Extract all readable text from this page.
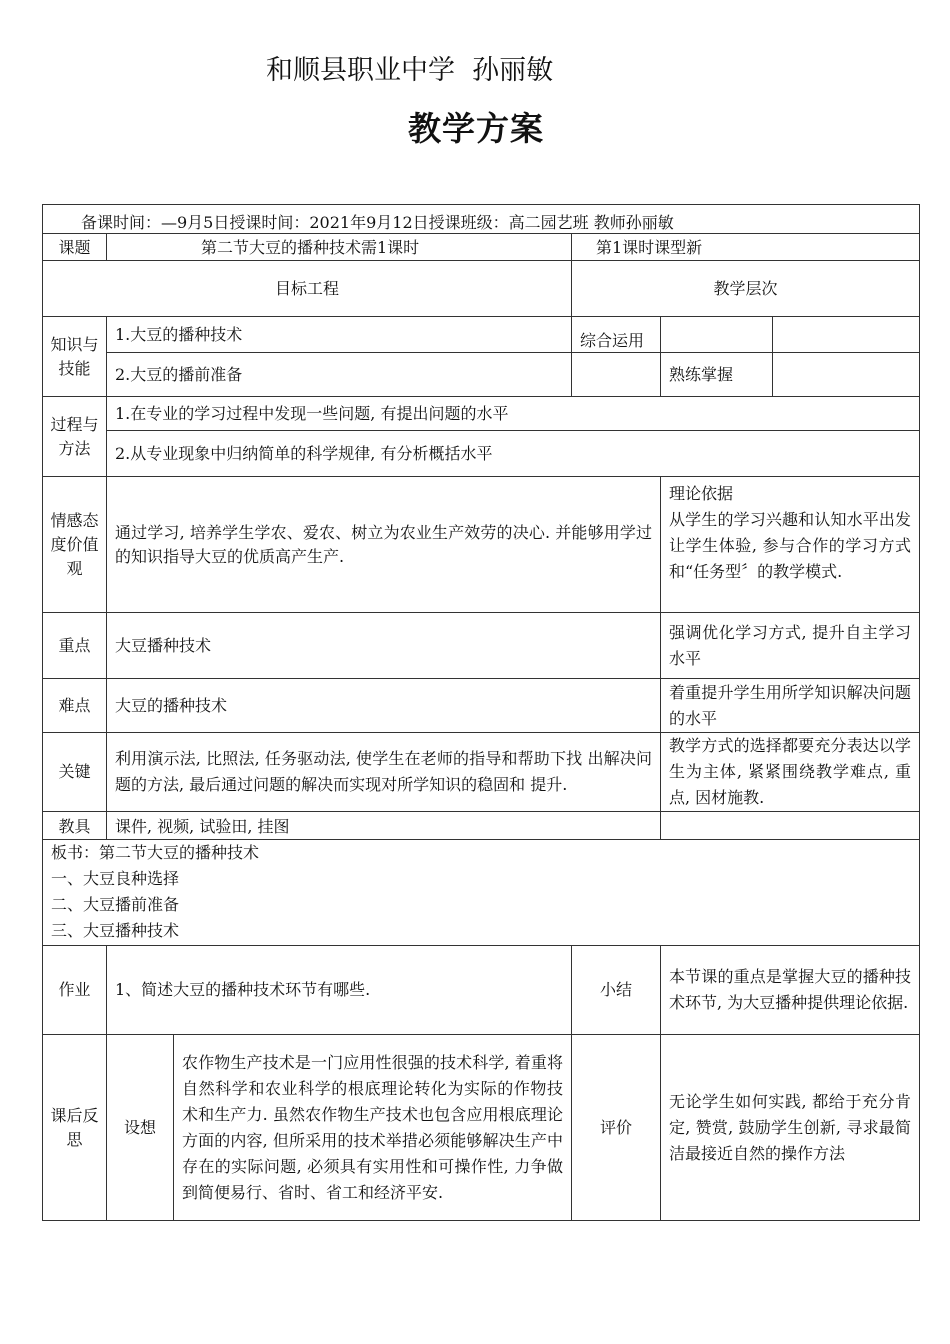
和顺县职业中学  孙丽敏
教学方案
备课时间：—9月5日授课时间：2021年9月12日授课班级：高二园艺班 教师孙丽敏					
课题	第二节大豆的播种技术需1课时		第1课时课型新		
目标工程			教学层次		
知识与技能	1.大豆的播种技术		综合运用		
	2.大豆的播前准备			熟练掌握	
过程与方法	1.在专业的学习过程中发现一些问题, 有提出问题的水平				
	2.从专业现象中归纳简单的科学规律, 有分析概括水平				
情感态度价值观	通过学习, 培养学生学农、爱农、树立为农业生产效劳的决心. 并能够用学过的知识指导大豆的优质高产生产.			理论依据
从学生的学习兴趣和认知水平出发让学生体验, 参与合作的学习方式和“任务型〞的教学模式.	

重点	大豆播种技术			强调优化学习方式, 提升自主学习水平	
难点	大豆的播种技术			着重提升学生用所学知识解决问题的水平	
关键	利用演示法, 比照法, 任务驱动法, 使学生在老师的指导和帮助下找 出解决问题的方法, 最后通过问题的解决而实现对所学知识的稳固和 提升.			教学方式的选择都要充分表达以学生为主体, 紧紧围绕教学难点, 重点, 因材施教.	
教具	课件, 视频, 试验田, 挂图				

板书：第二节大豆的播种技术
一、大豆良种选择
二、大豆播前准备
三、大豆播种技术					

作业	1、简述大豆的播种技术环节有哪些.		小结	本节课的重点是掌握大豆的播种技术环节, 为大豆播种提供理论依据.	
课后反思	设想	农作物生产技术是一门应用性很强的技术科学, 着重将自然科学和农业科学的根底理论转化为实际的作物技术和生产力. 虽然农作物生产技术也包含应用根底理论方面的内容, 但所采用的技术举措必须能够解决生产中存在的实际问题, 必须具有实用性和可操作性, 力争做到简便易行、省时、省工和经济平安.	评价	无论学生如何实践, 都给于充分肯定, 赞赏, 鼓励学生创新, 寻求最简洁最接近自然的操作方法	
